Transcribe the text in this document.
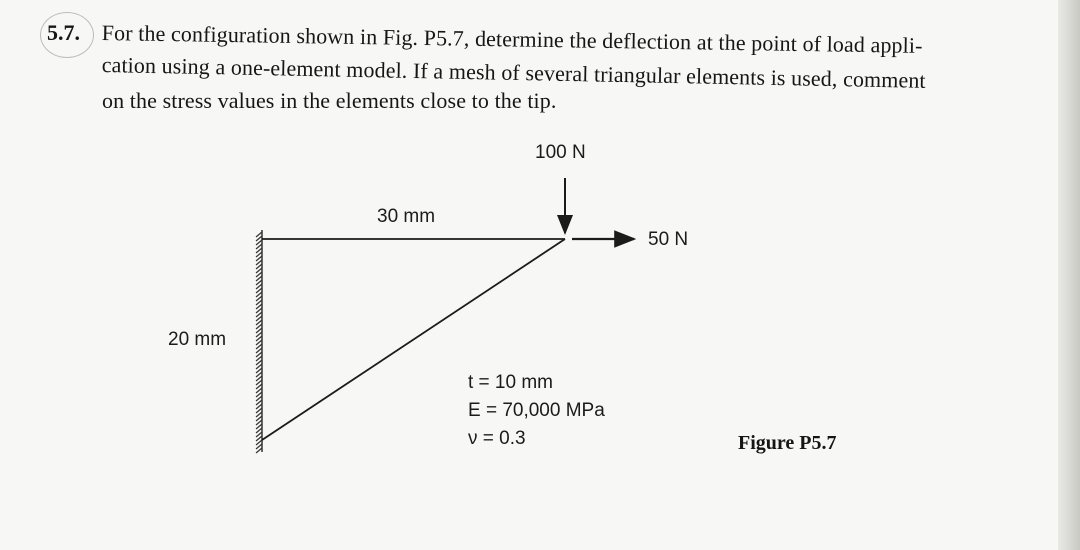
5.7. For the configuration shown in Fig. P5.7, determine the deflection at the point of load appli-
cation using a one-element model. If a mesh of several triangular elements is used, comment
on the stress values in the elements close to the tip.
100 N
50 N
30 mm
20 mm
t = 10 mm
E = 70,000 MPa
ν = 0.3	Figure P5.7
